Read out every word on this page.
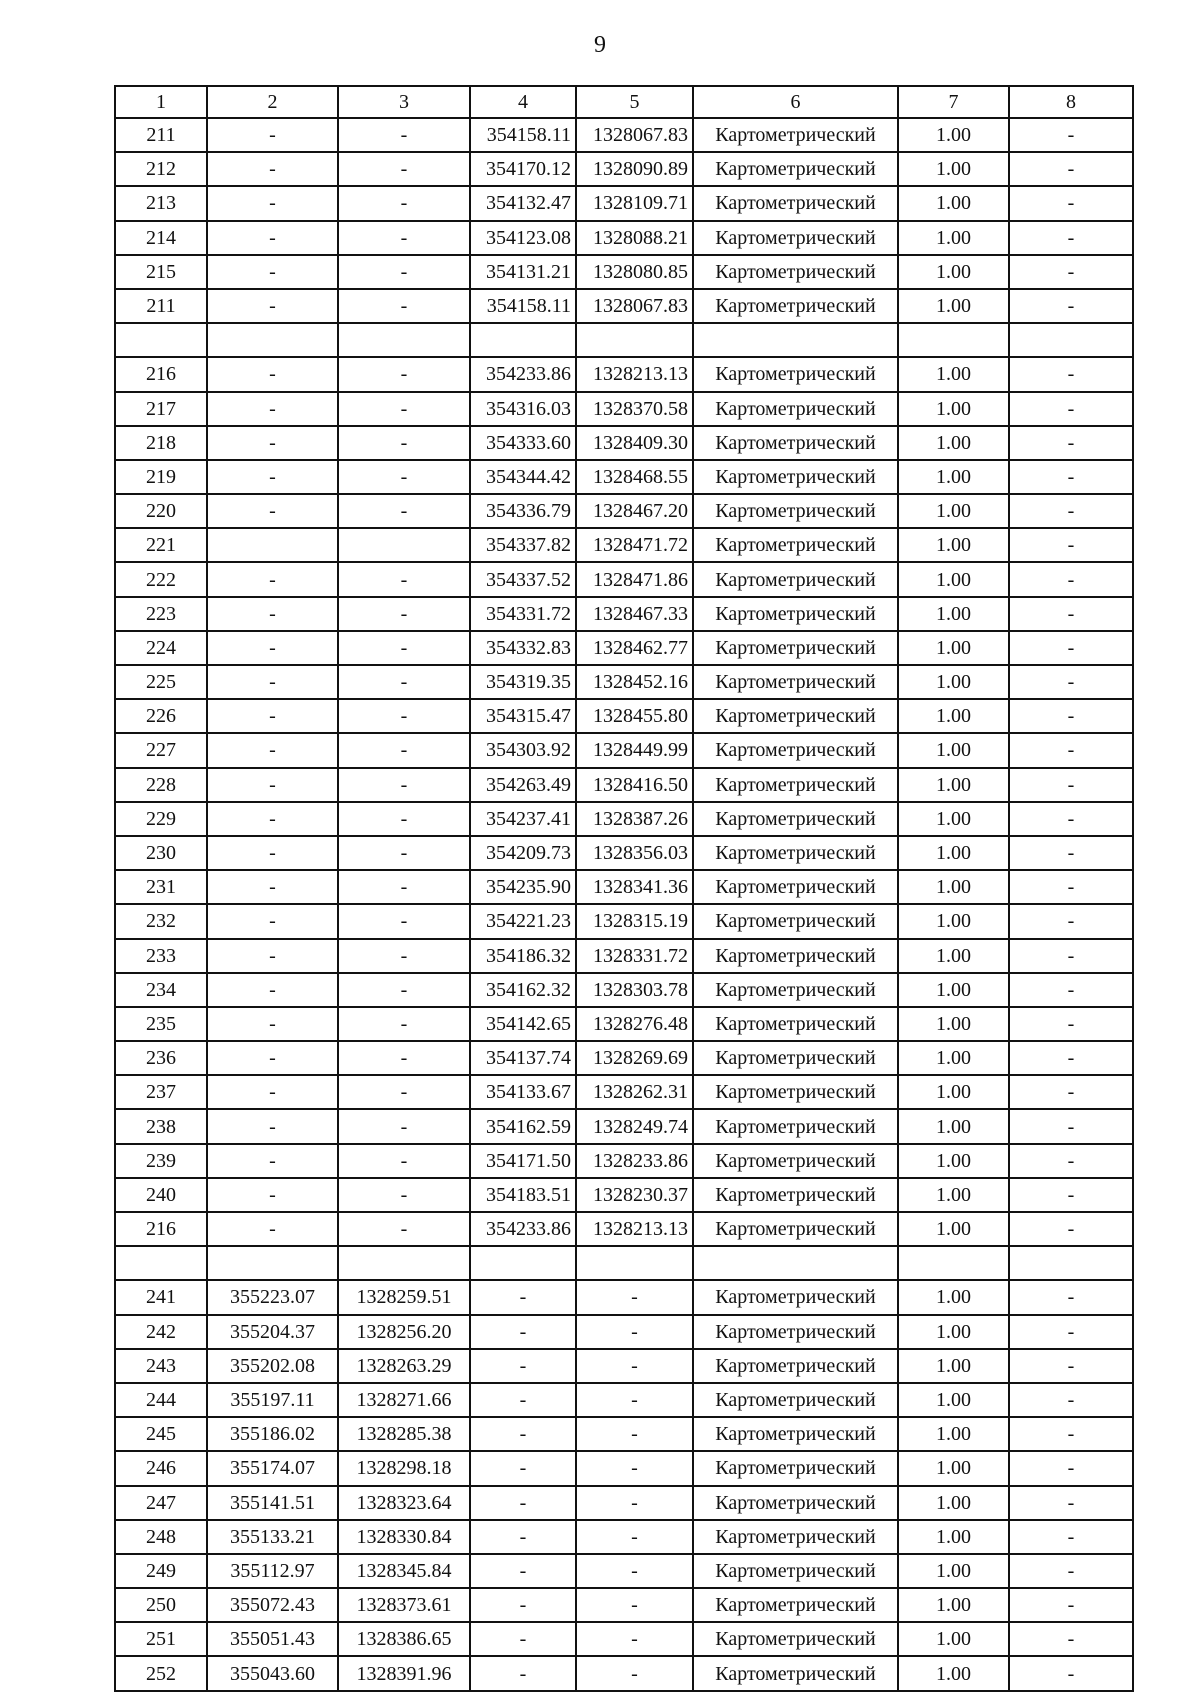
9
1	2	3	4	5	6	7	8
211	-	-	354158.11	1328067.83	Картометрический	1.00	-
212	-	-	354170.12	1328090.89	Картометрический	1.00	-
213	-	-	354132.47	1328109.71	Картометрический	1.00	-
214	-	-	354123.08	1328088.21	Картометрический	1.00	-
215	-	-	354131.21	1328080.85	Картометрический	1.00	-
211	-	-	354158.11	1328067.83	Картометрический	1.00	-

216	-	-	354233.86	1328213.13	Картометрический	1.00	-
217	-	-	354316.03	1328370.58	Картометрический	1.00	-
218	-	-	354333.60	1328409.30	Картометрический	1.00	-
219	-	-	354344.42	1328468.55	Картометрический	1.00	-
220	-	-	354336.79	1328467.20	Картометрический	1.00	-
221			354337.82	1328471.72	Картометрический	1.00	-
222	-	-	354337.52	1328471.86	Картометрический	1.00	-
223	-	-	354331.72	1328467.33	Картометрический	1.00	-
224	-	-	354332.83	1328462.77	Картометрический	1.00	-
225	-	-	354319.35	1328452.16	Картометрический	1.00	-
226	-	-	354315.47	1328455.80	Картометрический	1.00	-
227	-	-	354303.92	1328449.99	Картометрический	1.00	-
228	-	-	354263.49	1328416.50	Картометрический	1.00	-
229	-	-	354237.41	1328387.26	Картометрический	1.00	-
230	-	-	354209.73	1328356.03	Картометрический	1.00	-
231	-	-	354235.90	1328341.36	Картометрический	1.00	-
232	-	-	354221.23	1328315.19	Картометрический	1.00	-
233	-	-	354186.32	1328331.72	Картометрический	1.00	-
234	-	-	354162.32	1328303.78	Картометрический	1.00	-
235	-	-	354142.65	1328276.48	Картометрический	1.00	-
236	-	-	354137.74	1328269.69	Картометрический	1.00	-
237	-	-	354133.67	1328262.31	Картометрический	1.00	-
238	-	-	354162.59	1328249.74	Картометрический	1.00	-
239	-	-	354171.50	1328233.86	Картометрический	1.00	-
240	-	-	354183.51	1328230.37	Картометрический	1.00	-
216	-	-	354233.86	1328213.13	Картометрический	1.00	-

241	355223.07	1328259.51	-	-	Картометрический	1.00	-
242	355204.37	1328256.20	-	-	Картометрический	1.00	-
243	355202.08	1328263.29	-	-	Картометрический	1.00	-
244	355197.11	1328271.66	-	-	Картометрический	1.00	-
245	355186.02	1328285.38	-	-	Картометрический	1.00	-
246	355174.07	1328298.18	-	-	Картометрический	1.00	-
247	355141.51	1328323.64	-	-	Картометрический	1.00	-
248	355133.21	1328330.84	-	-	Картометрический	1.00	-
249	355112.97	1328345.84	-	-	Картометрический	1.00	-
250	355072.43	1328373.61	-	-	Картометрический	1.00	-
251	355051.43	1328386.65	-	-	Картометрический	1.00	-
252	355043.60	1328391.96	-	-	Картометрический	1.00	-
